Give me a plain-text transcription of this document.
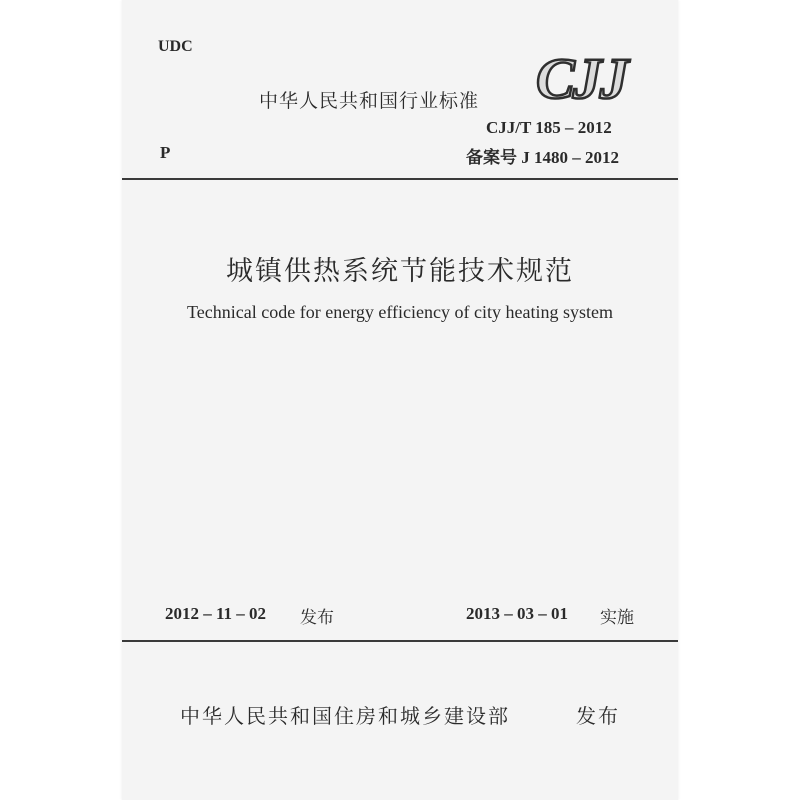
UDC
中华人民共和国行业标准 CJJ
CJJ/T 185 – 2012
P	备案号 J 1480 – 2012
城镇供热系统节能技术规范
Technical code for energy efficiency of city heating system
2012 – 11 – 02 发布	2013 – 03 – 01 实施
中华人民共和国住房和城乡建设部	发布
